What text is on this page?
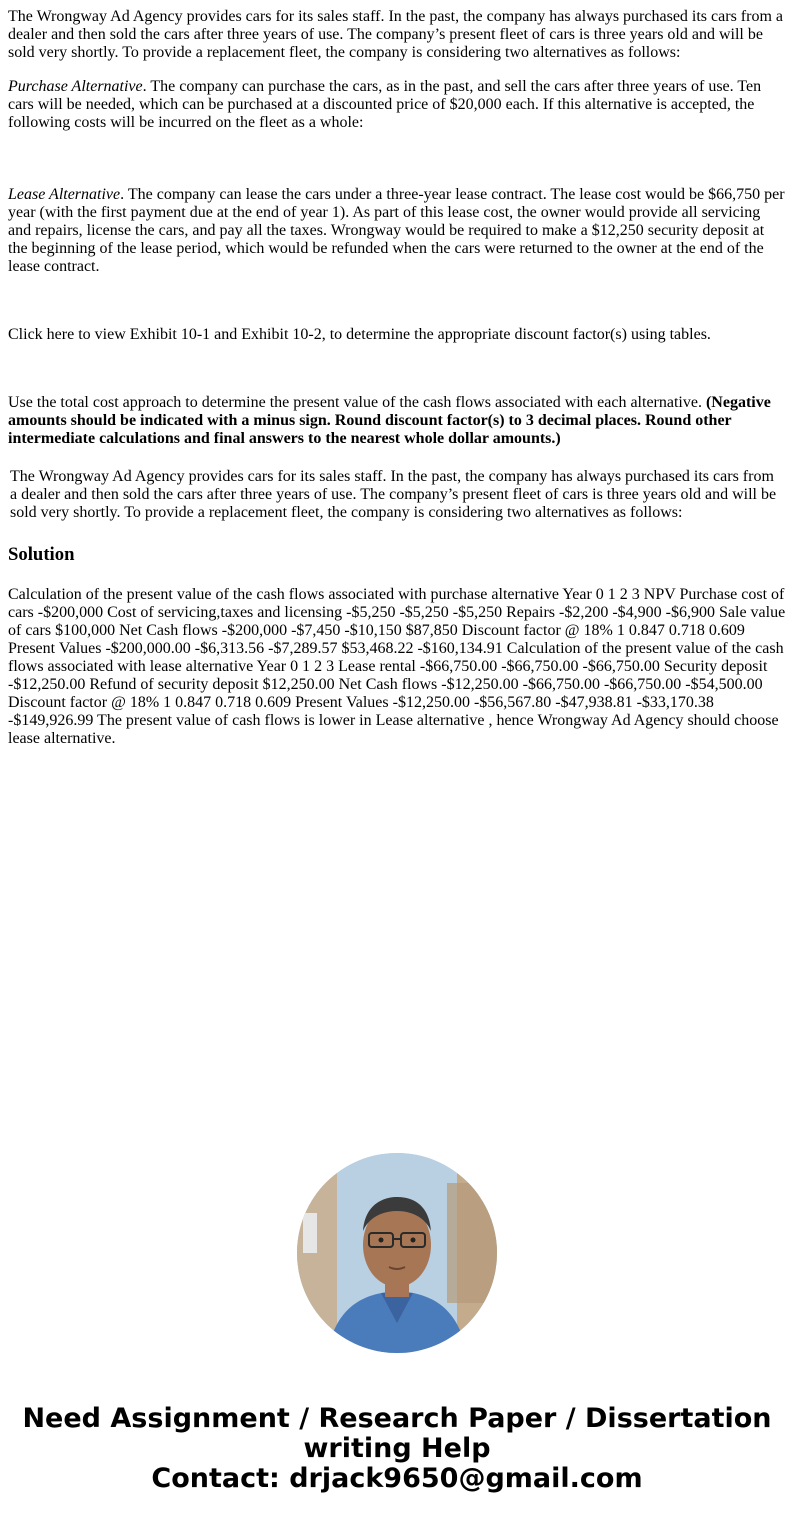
The Wrongway Ad Agency provides cars for its sales staff. In the past, the company has always purchased its cars from a dealer and then sold the cars after three years of use. The company’s present fleet of cars is three years old and will be sold very shortly. To provide a replacement fleet, the company is considering two alternatives as follows:

Purchase Alternative. The company can purchase the cars, as in the past, and sell the cars after three years of use. Ten cars will be needed, which can be purchased at a discounted price of $20,000 each. If this alternative is accepted, the following costs will be incurred on the fleet as a whole:

Lease Alternative. The company can lease the cars under a three-year lease contract. The lease cost would be $66,750 per year (with the first payment due at the end of year 1). As part of this lease cost, the owner would provide all servicing and repairs, license the cars, and pay all the taxes. Wrongway would be required to make a $12,250 security deposit at the beginning of the lease period, which would be refunded when the cars were returned to the owner at the end of the lease contract.

Click here to view Exhibit 10-1 and Exhibit 10-2, to determine the appropriate discount factor(s) using tables.

Use the total cost approach to determine the present value of the cash flows associated with each alternative. (Negative amounts should be indicated with a minus sign. Round discount factor(s) to 3 decimal places. Round other intermediate calculations and final answers to the nearest whole dollar amounts.)

The Wrongway Ad Agency provides cars for its sales staff. In the past, the company has always purchased its cars from a dealer and then sold the cars after three years of use. The company’s present fleet of cars is three years old and will be sold very shortly. To provide a replacement fleet, the company is considering two alternatives as follows:

Solution

Calculation of the present value of the cash flows associated with purchase alternative Year 0 1 2 3 NPV Purchase cost of cars -$200,000 Cost of servicing,taxes and licensing -$5,250 -$5,250 -$5,250 Repairs -$2,200 -$4,900 -$6,900 Sale value of cars $100,000 Net Cash flows -$200,000 -$7,450 -$10,150 $87,850 Discount factor @ 18% 1 0.847 0.718 0.609 Present Values -$200,000.00 -$6,313.56 -$7,289.57 $53,468.22 -$160,134.91 Calculation of the present value of the cash flows associated with lease alternative Year 0 1 2 3 Lease rental -$66,750.00 -$66,750.00 -$66,750.00 Security deposit -$12,250.00 Refund of security deposit $12,250.00 Net Cash flows -$12,250.00 -$66,750.00 -$66,750.00 -$54,500.00 Discount factor @ 18% 1 0.847 0.718 0.609 Present Values -$12,250.00 -$56,567.80 -$47,938.81 -$33,170.38 -$149,926.99 The present value of cash flows is lower in Lease alternative , hence Wrongway Ad Agency should choose lease alternative.

Need Assignment / Research Paper / Dissertation
writing Help
Contact: drjack9650@gmail.com
